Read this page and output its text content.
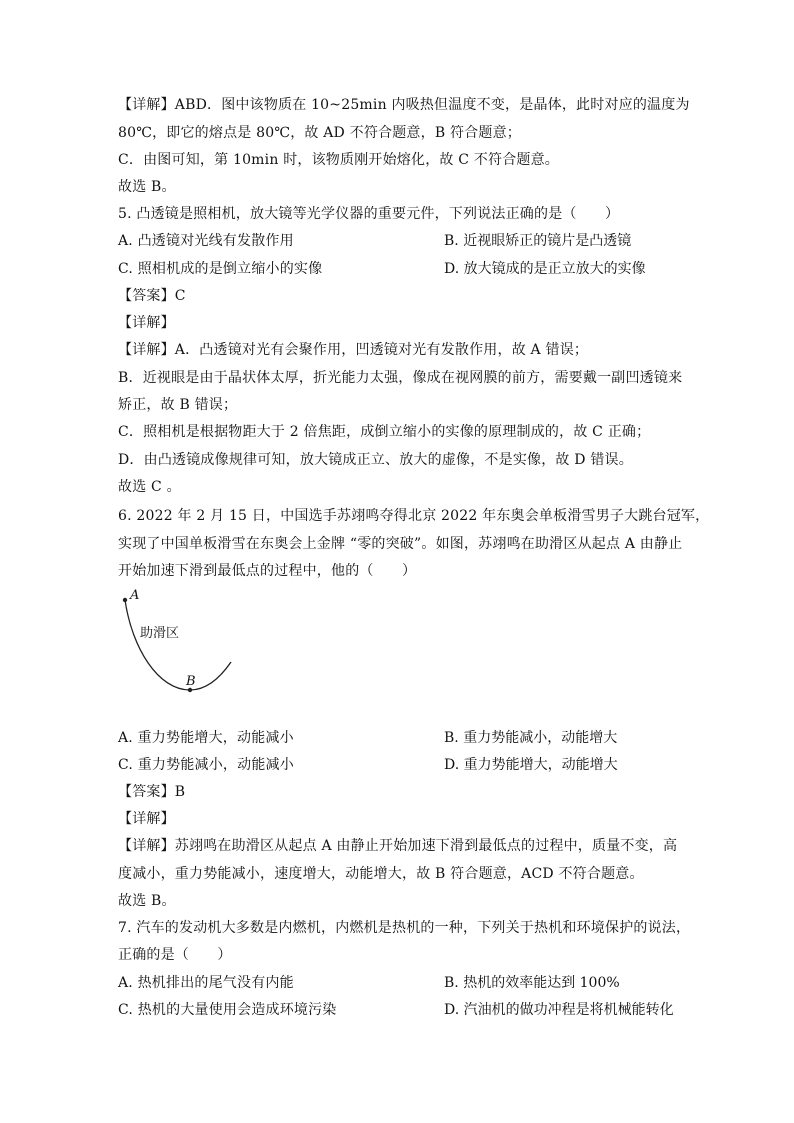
【详解】ABD．图中该物质在 10~25min 内吸热但温度不变，是晶体，此时对应的温度为
80℃，即它的熔点是 80℃，故 AD 不符合题意，B 符合题意；
C．由图可知，第 10min 时，该物质刚开始熔化，故 C 不符合题意。
故选 B。
5. 凸透镜是照相机，放大镜等光学仪器的重要元件，下列说法正确的是（　　）
A. 凸透镜对光线有发散作用	B. 近视眼矫正的镜片是凸透镜
C. 照相机成的是倒立缩小的实像	D. 放大镜成的是正立放大的实像
【答案】C
【详解】
【详解】A．凸透镜对光有会聚作用，凹透镜对光有发散作用，故 A 错误；
B．近视眼是由于晶状体太厚，折光能力太强，像成在视网膜的前方，需要戴一副凹透镜来
矫正，故 B 错误；
C．照相机是根据物距大于 2 倍焦距，成倒立缩小的实像的原理制成的，故 C 正确；
D．由凸透镜成像规律可知，放大镜成正立、放大的虚像，不是实像，故 D 错误。
故选 C 。
6. 2022 年 2 月 15 日，中国选手苏翊鸣夺得北京 2022 年东奥会单板滑雪男子大跳台冠军，
实现了中国单板滑雪在东奥会上金牌 “零的突破”。如图，苏翊鸣在助滑区从起点 A 由静止
开始加速下滑到最低点的过程中，他的（　　）
A
B
助滑区
A. 重力势能增大，动能减小	B. 重力势能减小，动能增大
C. 重力势能减小，动能减小	D. 重力势能增大，动能增大
【答案】B
【详解】
【详解】苏翊鸣在助滑区从起点 A 由静止开始加速下滑到最低点的过程中，质量不变，高
度减小，重力势能减小，速度增大，动能增大，故 B 符合题意，ACD 不符合题意。
故选 B。
7. 汽车的发动机大多数是内燃机，内燃机是热机的一种，下列关于热机和环境保护的说法，
正确的是（　　）
A. 热机排出的尾气没有内能	B. 热机的效率能达到 100%
C. 热机的大量使用会造成环境污染	D. 汽油机的做功冲程是将机械能转化
